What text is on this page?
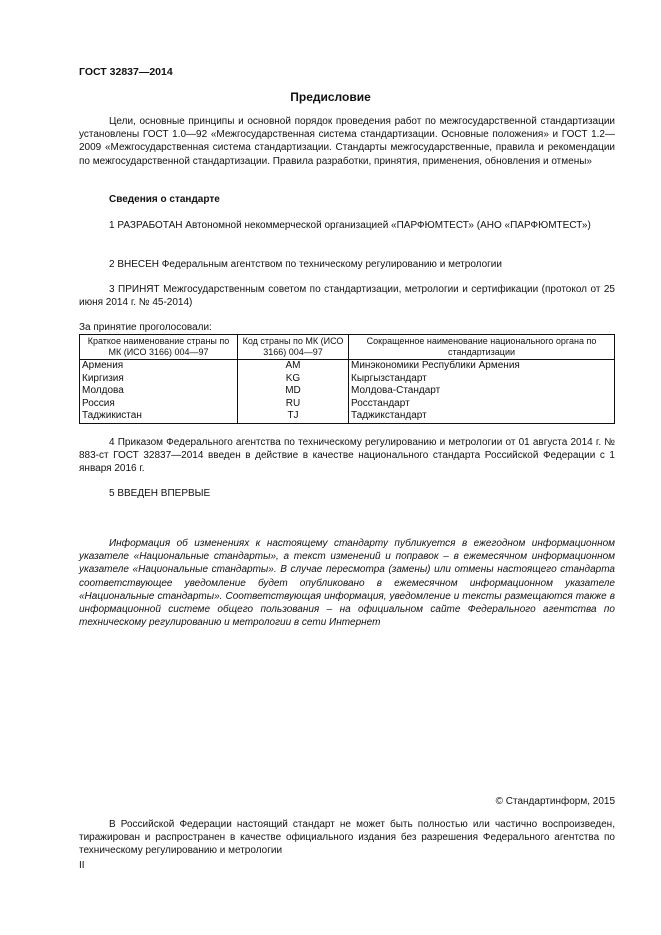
ГОСТ 32837—2014
Предисловие

Цели, основные принципы и основной порядок проведения работ по межгосударственной стандартизации установлены ГОСТ 1.0—92 «Межгосударственная система стандартизации. Основные положения» и ГОСТ 1.2—2009 «Межгосударственная система стандартизации. Стандарты межгосударственные, правила и рекомендации по межгосударственной стандартизации. Правила разработки, принятия, применения, обновления и отмены»

Сведения о стандарте

1 РАЗРАБОТАН Автономной некоммерческой организацией «ПАРФЮМТЕСТ» (АНО «ПАРФЮМТЕСТ»)

2 ВНЕСЕН Федеральным агентством по техническому регулированию и метрологии

3 ПРИНЯТ Межгосударственным советом по стандартизации, метрологии и сертификации (протокол от 25 июня 2014 г. № 45-2014)

За принятие проголосовали:
Краткое наименование страны по МК (ИСО 3166) 004—97	Код страны по МК (ИСО 3166) 004—97	Сокращенное наименование национального органа по стандартизации
Армения	AM	Минэкономики Республики Армения
Киргизия	KG	Кыргызстандарт
Молдова	MD	Молдова-Стандарт
Россия	RU	Росстандарт
Таджикистан	TJ	Таджикстандарт

4 Приказом Федерального агентства по техническому регулированию и метрологии от 01 августа 2014 г. № 883-ст ГОСТ 32837—2014 введен в действие в качестве национального стандарта Российской Федерации с 1 января 2016 г.

5 ВВЕДЕН ВПЕРВЫЕ

Информация об изменениях к настоящему стандарту публикуется в ежегодном информационном указателе «Национальные стандарты», а текст изменений и поправок – в ежемесячном информационном указателе «Национальные стандарты». В случае пересмотра (замены) или отмены настоящего стандарта соответствующее уведомление будет опубликовано в ежемесячном информационном указателе «Национальные стандарты». Соответствующая информация, уведомление и тексты размещаются также в информационной системе общего пользования – на официальном сайте Федерального агентства по техническому регулированию и метрологии в сети Интернет

© Стандартинформ, 2015

В Российской Федерации настоящий стандарт не может быть полностью или частично воспроизведен, тиражирован и распространен в качестве официального издания без разрешения Федерального агентства по техническому регулированию и метрологии

II
